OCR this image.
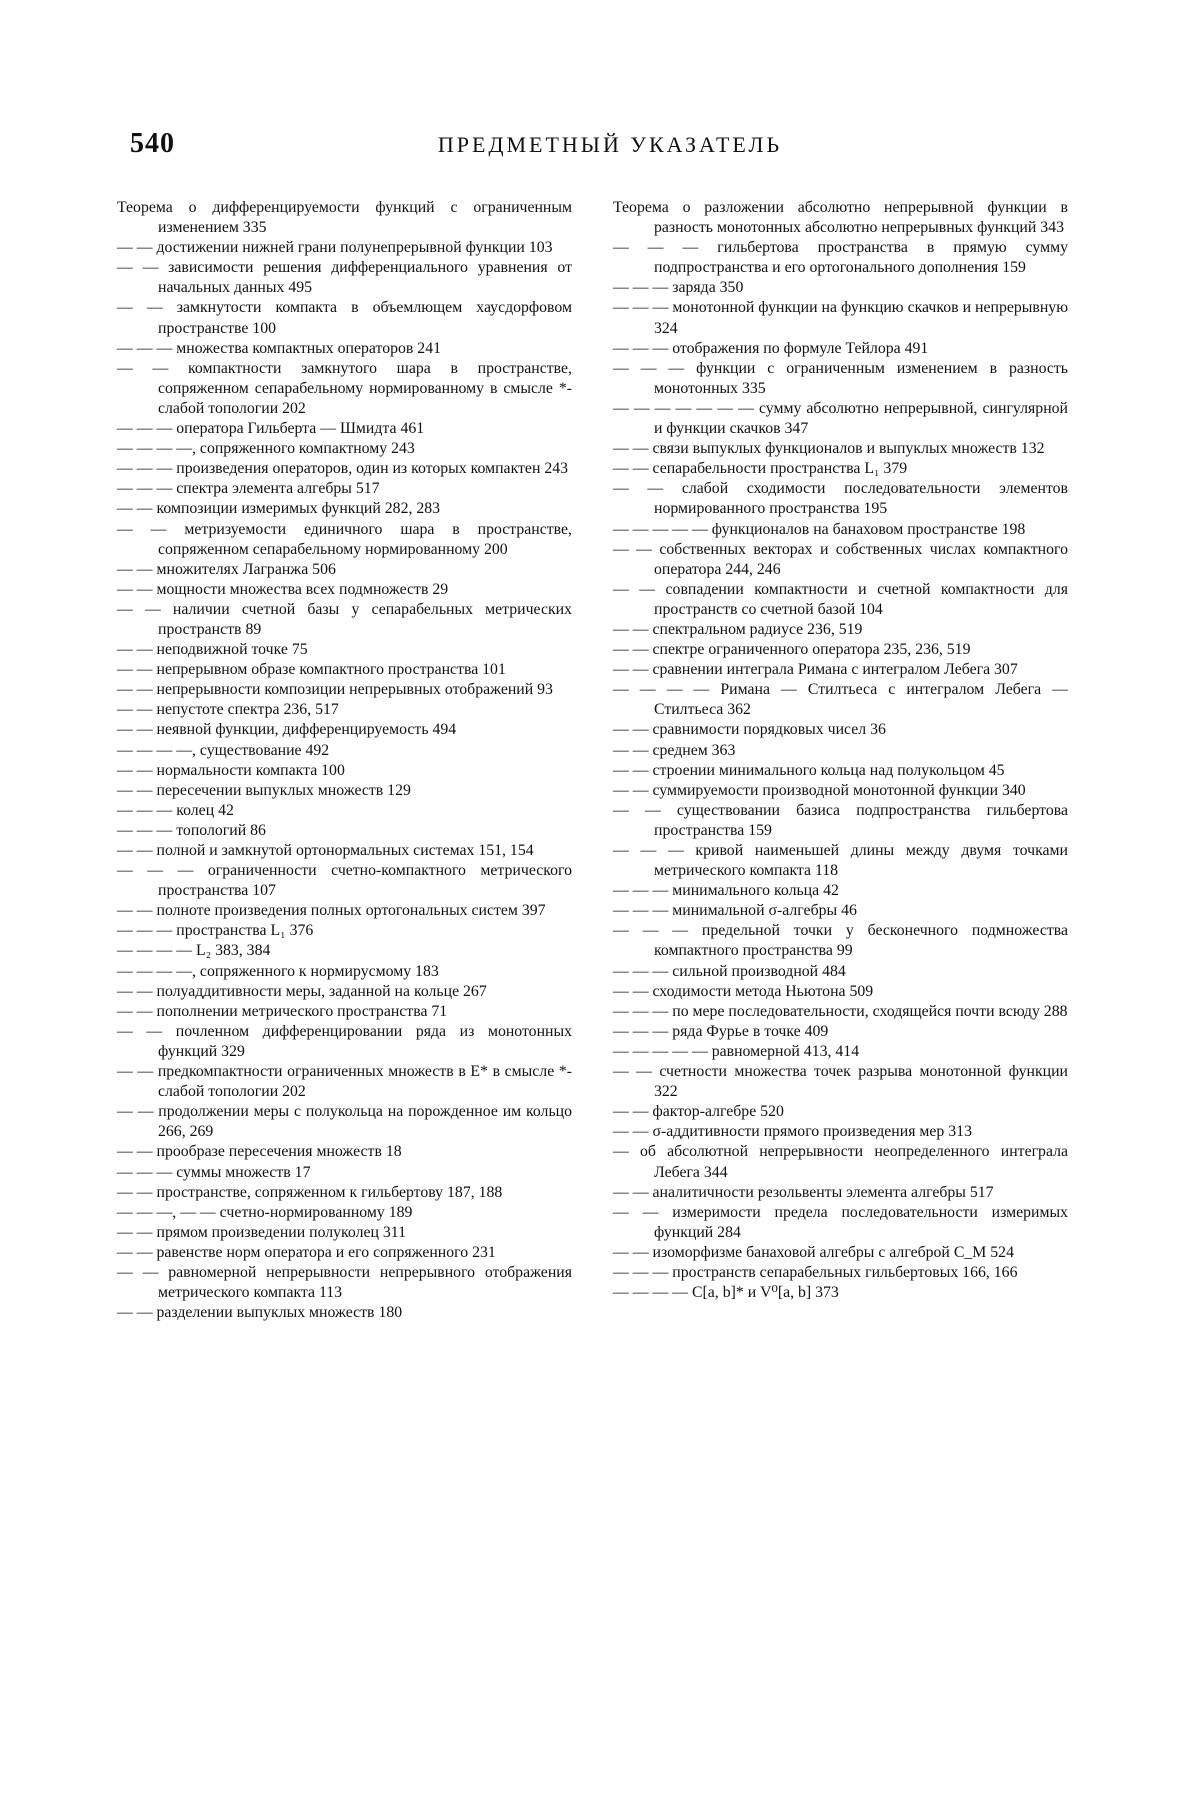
540	ПРЕДМЕТНЫЙ УКАЗАТЕЛЬ

Теорема о дифференцируемости функций с ограниченным изменением 335

— — достижении нижней грани полунепрерывной функции 103

— — зависимости решения дифференциального уравнения от начальных данных 495

— — замкнутости компакта в объемлющем хаусдорфовом пространстве 100

— — — множества компактных операторов 241

— — компактности замкнутого шара в пространстве, сопряженном сепарабельному нормированному в смысле *-слабой топологии 202

— — — оператора Гильберта — Шмидта 461

— — — —, сопряженного компактному 243

— — — произведения операторов, один из которых компактен 243

— — — спектра элемента алгебры 517

— — композиции измеримых функций 282, 283

— — метризуемости единичного шара в пространстве, сопряженном сепарабельному нормированному 200

— — множителях Лагранжа 506

— — мощности множества всех подмножеств 29

— — наличии счетной базы у сепарабельных метрических пространств 89

— — неподвижной точке 75

— — непрерывном образе компактного пространства 101

— — непрерывности композиции непрерывных отображений 93

— — непустоте спектра 236, 517

— — неявной функции, дифференцируемость 494

— — — —, существование 492

— — нормальности компакта 100

— — пересечении выпуклых множеств 129

— — — колец 42

— — — топологий 86

— — полной и замкнутой ортонормальных системах 151, 154

— — — ограниченности счетно-компактного метрического пространства 107

— — полноте произведения полных ортогональных систем 397

— — — пространства L₁ 376

— — — — L₂ 383, 384

— — — —, сопряженного к нормирусмому 183

— — полуаддитивности меры, заданной на кольце 267

— — пополнении метрического пространства 71

— — почленном дифференцировании ряда из монотонных функций 329

— — предкомпактности ограниченных множеств в E* в смысле *-слабой топологии 202

— — продолжении меры с полукольца на порожденное им кольцо 266, 269

— — прообразе пересечения множеств 18

— — — суммы множеств 17

— — пространстве, сопряженном к гильбертову 187, 188

— — —, — — счетно-нормированному 189

— — прямом произведении полуколец 311

— — равенстве норм оператора и его сопряженного 231

— — равномерной непрерывности непрерывного отображения метрического компакта 113

— — разделении выпуклых множеств 180

Теорема о разложении абсолютно непрерывной функции в разность монотонных абсолютно непрерывных функций 343

— — — гильбертова пространства в прямую сумму подпространства и его ортогонального дополнения 159

— — — заряда 350

— — — монотонной функции на функцию скачков и непрерывную 324

— — — отображения по формуле Тейлора 491

— — — функции с ограниченным изменением в разность монотонных 335

— — — — — — — сумму абсолютно непрерывной, сингулярной и функции скачков 347

— — связи выпуклых функционалов и выпуклых множеств 132

— — сепарабельности пространства L₁ 379

— — слабой сходимости последовательности элементов нормированного пространства 195

— — — — — функционалов на банаховом пространстве 198

— — собственных векторах и собственных числах компактного оператора 244, 246

— — совпадении компактности и счетной компактности для пространств со счетной базой 104

— — спектральном радиусе 236, 519

— — спектре ограниченного оператора 235, 236, 519

— — сравнении интеграла Римана с интегралом Лебега 307

— — — — Римана — Стилтьеса с интегралом Лебега — Стилтьеса 362

— — сравнимости порядковых чисел 36

— — среднем 363

— — строении минимального кольца над полукольцом 45

— — суммируемости производной монотонной функции 340

— — существовании базиса подпространства гильбертова пространства 159

— — — кривой наименьшей длины между двумя точками метрического компакта 118

— — — минимального кольца 42

— — — минимальной σ-алгебры 46

— — — предельной точки у бесконечного подмножества компактного пространства 99

— — — сильной производной 484

— — сходимости метода Ньютона 509

— — — по мере последовательности, сходящейся почти всюду 288

— — — ряда Фурье в точке 409

— — — — — равномерной 413, 414

— — счетности множества точек разрыва монотонной функции 322

— — фактор-алгебре 520

— — σ-аддитивности прямого произведения мер 313

— об абсолютной непрерывности неопределенного интеграла Лебега 344

— — аналитичности резольвенты элемента алгебры 517

— — измеримости предела последовательности измеримых функций 284

— — изоморфизме банаховой алгебры с алгеброй C_M 524

— — — пространств сепарабельных гильбертовых 166, 166

— — — — C[a, b]* и V⁰[a, b] 373
